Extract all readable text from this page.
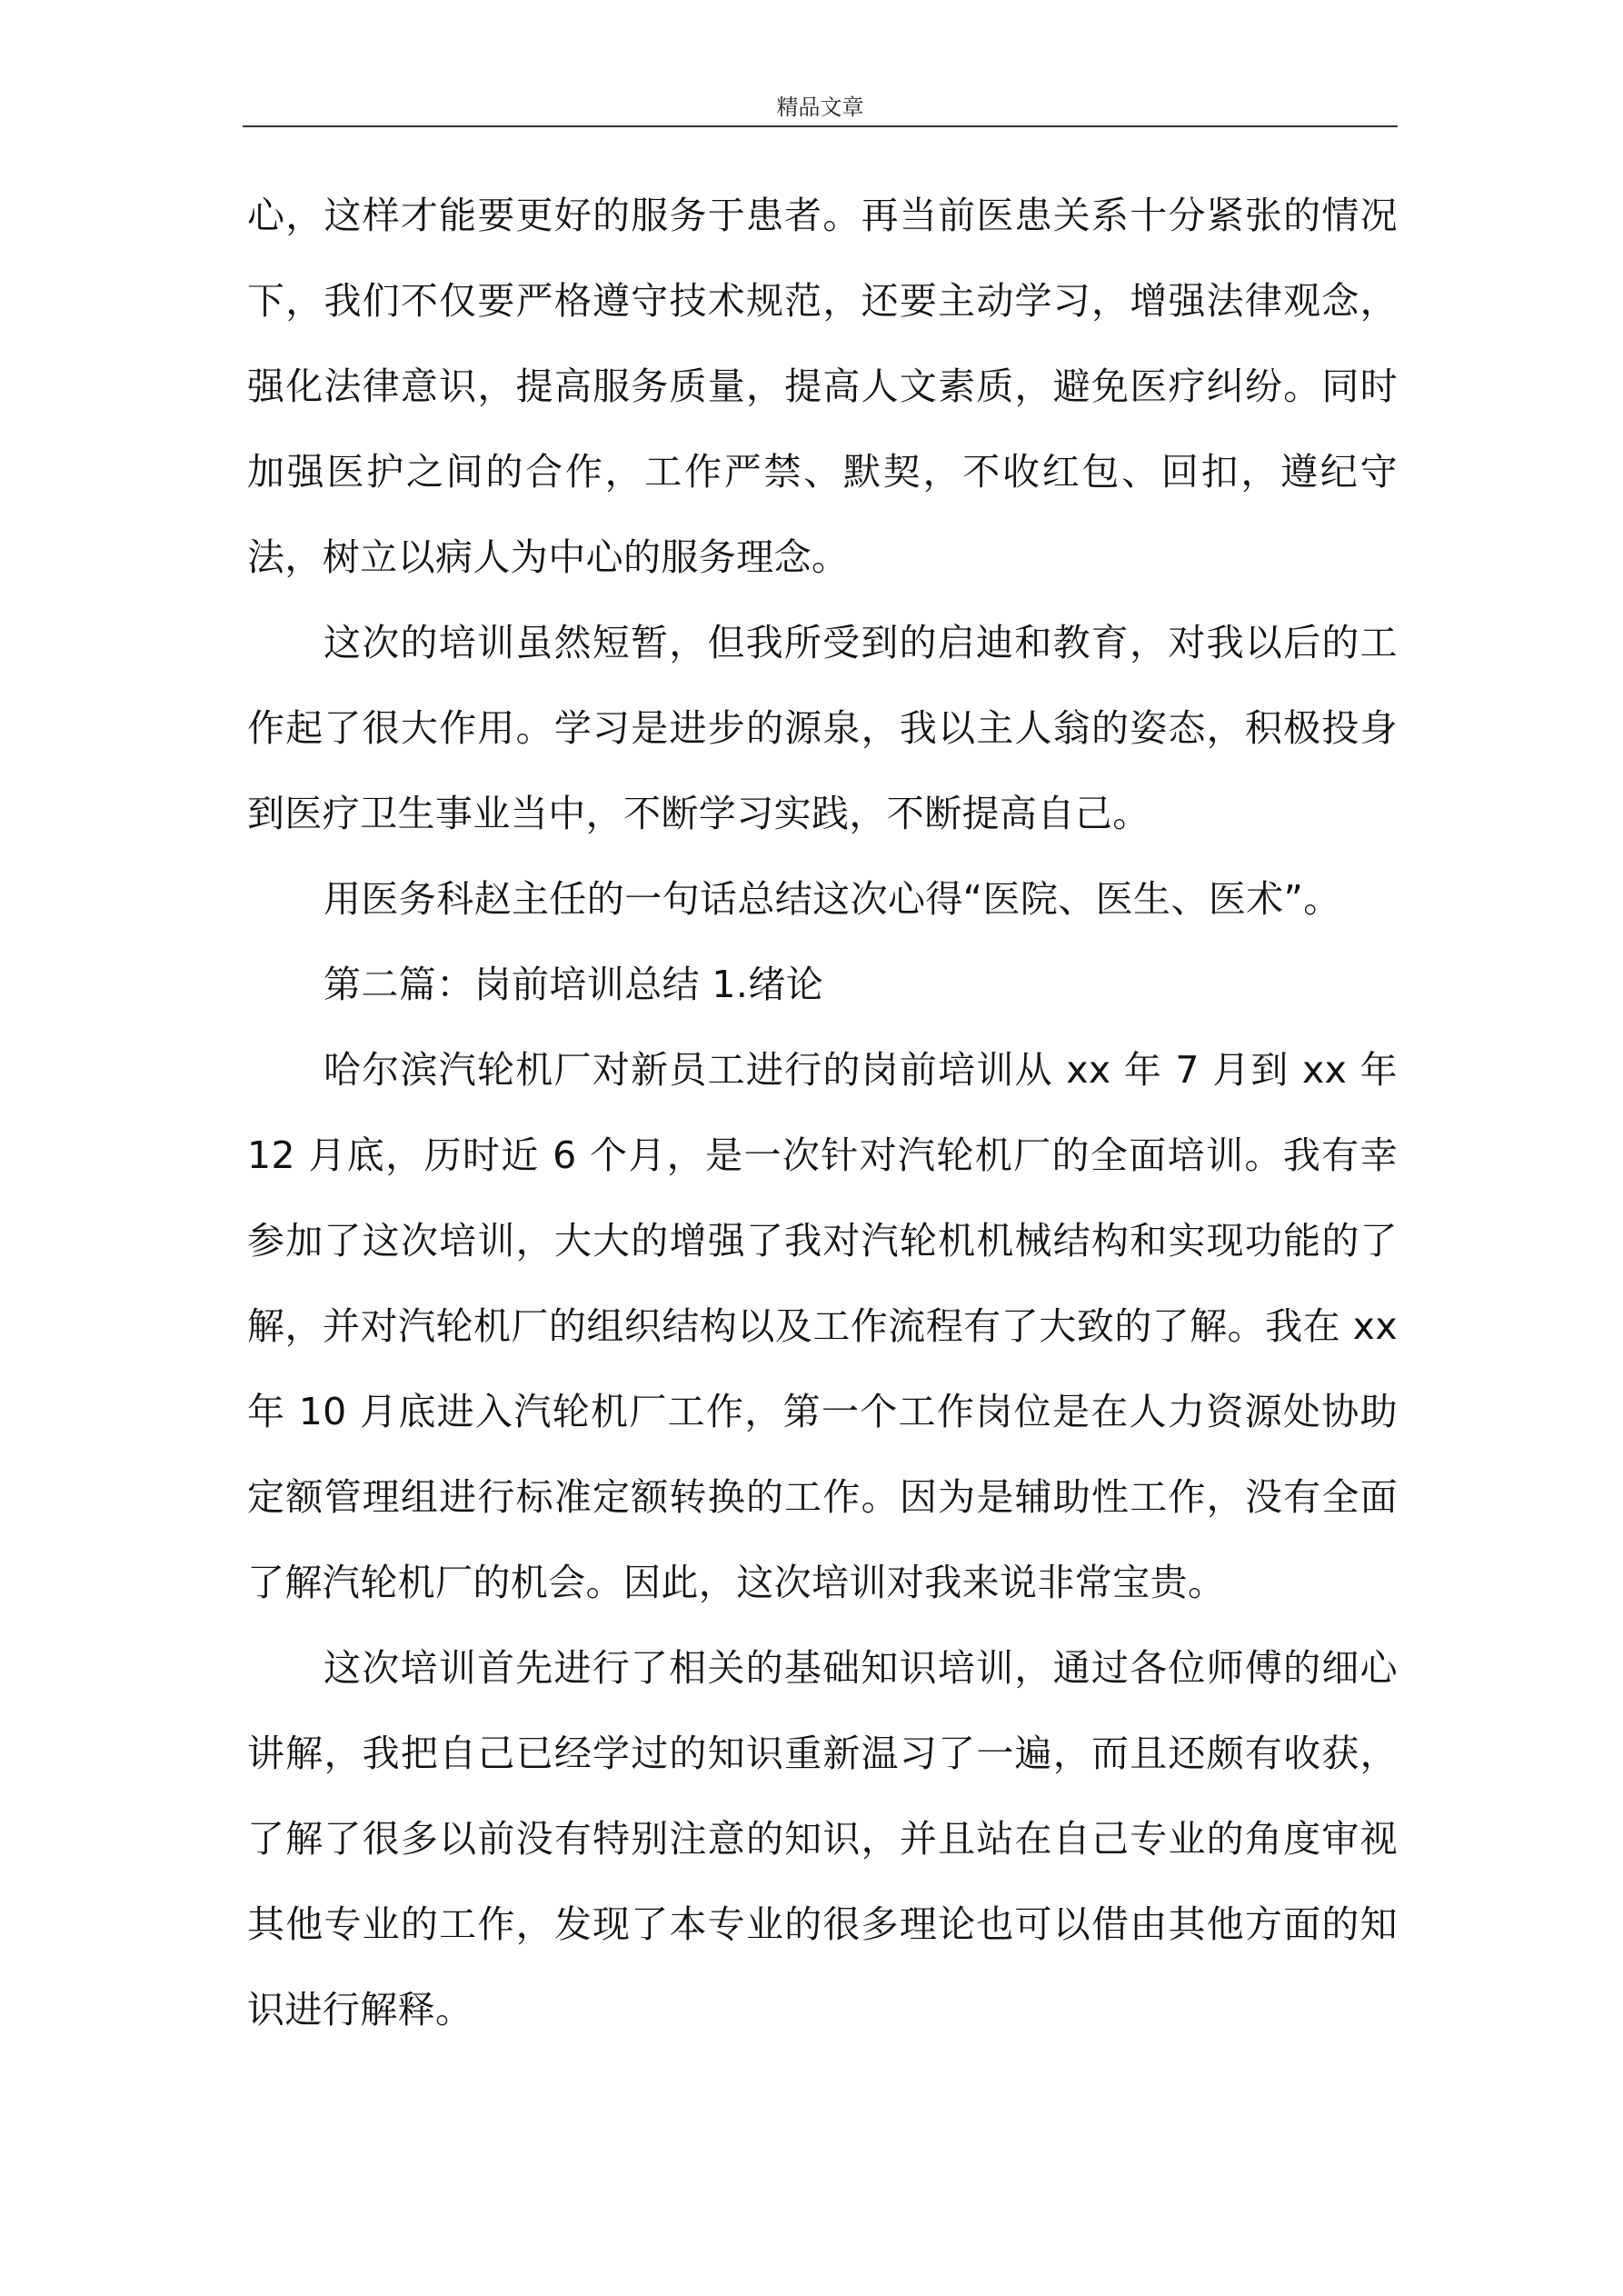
精品文章

心，这样才能要更好的服务于患者。再当前医患关系十分紧张的情况下，我们不仅要严格遵守技术规范，还要主动学习，增强法律观念，强化法律意识，提高服务质量，提高人文素质，避免医疗纠纷。同时加强医护之间的合作，工作严禁、默契，不收红包、回扣，遵纪守法，树立以病人为中心的服务理念。

这次的培训虽然短暂，但我所受到的启迪和教育，对我以后的工作起了很大作用。学习是进步的源泉，我以主人翁的姿态，积极投身到医疗卫生事业当中，不断学习实践，不断提高自己。

用医务科赵主任的一句话总结这次心得“医院、医生、医术”。

第二篇：岗前培训总结 1.绪论

哈尔滨汽轮机厂对新员工进行的岗前培训从 xx 年 7 月到 xx 年 12 月底，历时近 6 个月，是一次针对汽轮机厂的全面培训。我有幸参加了这次培训，大大的增强了我对汽轮机机械结构和实现功能的了解，并对汽轮机厂的组织结构以及工作流程有了大致的了解。我在 xx 年 10 月底进入汽轮机厂工作，第一个工作岗位是在人力资源处协助定额管理组进行标准定额转换的工作。因为是辅助性工作，没有全面了解汽轮机厂的机会。因此，这次培训对我来说非常宝贵。

这次培训首先进行了相关的基础知识培训，通过各位师傅的细心讲解，我把自己已经学过的知识重新温习了一遍，而且还颇有收获，了解了很多以前没有特别注意的知识，并且站在自己专业的角度审视其他专业的工作，发现了本专业的很多理论也可以借由其他方面的知识进行解释。
